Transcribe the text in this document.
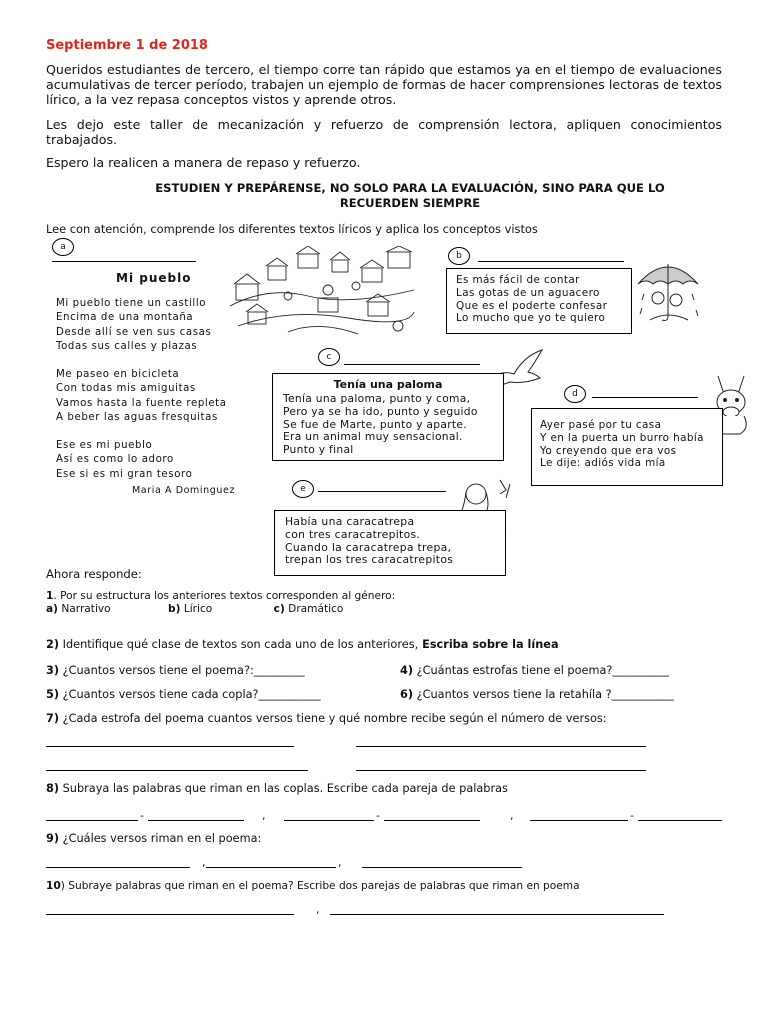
Septiembre 1 de 2018
Queridos estudiantes de tercero, el tiempo corre tan rápido que estamos ya en el tiempo de evaluaciones acumulativas de tercer período, trabajen un ejemplo de formas de hacer comprensiones lectoras de textos lírico, a la vez repasa conceptos vistos y aprende otros.
Les dejo este taller de mecanización y refuerzo de comprensión lectora, apliquen conocimientos trabajados.
Espero la realicen a manera de repaso y refuerzo.
ESTUDIEN Y PREPÁRENSE, NO SOLO PARA LA EVALUACIÓN, SINO PARA QUE LO
RECUERDEN SIEMPRE
Lee con atención, comprende los diferentes textos líricos y aplica los conceptos vistos
a
Mi pueblo
Mi pueblo tiene un castillo
Encima de una montaña
Desde allí se ven sus casas
Todas sus calles y plazas
Me paseo en bicicleta
Con todas mis amiguitas
Vamos hasta la fuente repleta
A beber las aguas fresquitas
Ese es mi pueblo
Así es como lo adoro
Ese si es mi gran tesoro
Maria A Dominguez
b
Es más fácil de contar
Las gotas de un aguacero
Que es el poderte confesar
Lo mucho que yo te quiero
c
Tenía una paloma
Tenía una paloma, punto y coma,
Pero ya se ha ido, punto y seguido
Se fue de Marte, punto y aparte.
Era un animal muy sensacional.
Punto y final
d
Ayer pasé por tu casa
Y en la puerta un burro había
Yo creyendo que era vos
Le dije: adiós vida mía
e
Había una caracatrepa
con tres caracatrepitos.
Cuando la caracatrepa trepa,
trepan los tres caracatrepitos
Ahora responde:
1. Por su estructura los anteriores textos corresponden al género:
a) Narrativo	b) Lírico	c) Dramático
2) Identifique qué clase de textos son cada uno de los anteriores, Escriba sobre la línea
3) ¿Cuantos versos tiene el poema?:_________	4) ¿Cuántas estrofas tiene el poema?__________
5) ¿Cuantos versos tiene cada copla?___________	6) ¿Cuantos versos tiene la retahíla ?___________
7) ¿Cada estrofa del poema cuantos versos tiene y qué nombre recibe según el número de versos:
8) Subraya las palabras que riman en las coplas. Escribe cada pareja de palabras
-	,	-	,	-
9) ¿Cuáles versos riman en el poema:
,	,
10) Subraye palabras que riman en el poema? Escribe dos parejas de palabras que riman en poema
,
